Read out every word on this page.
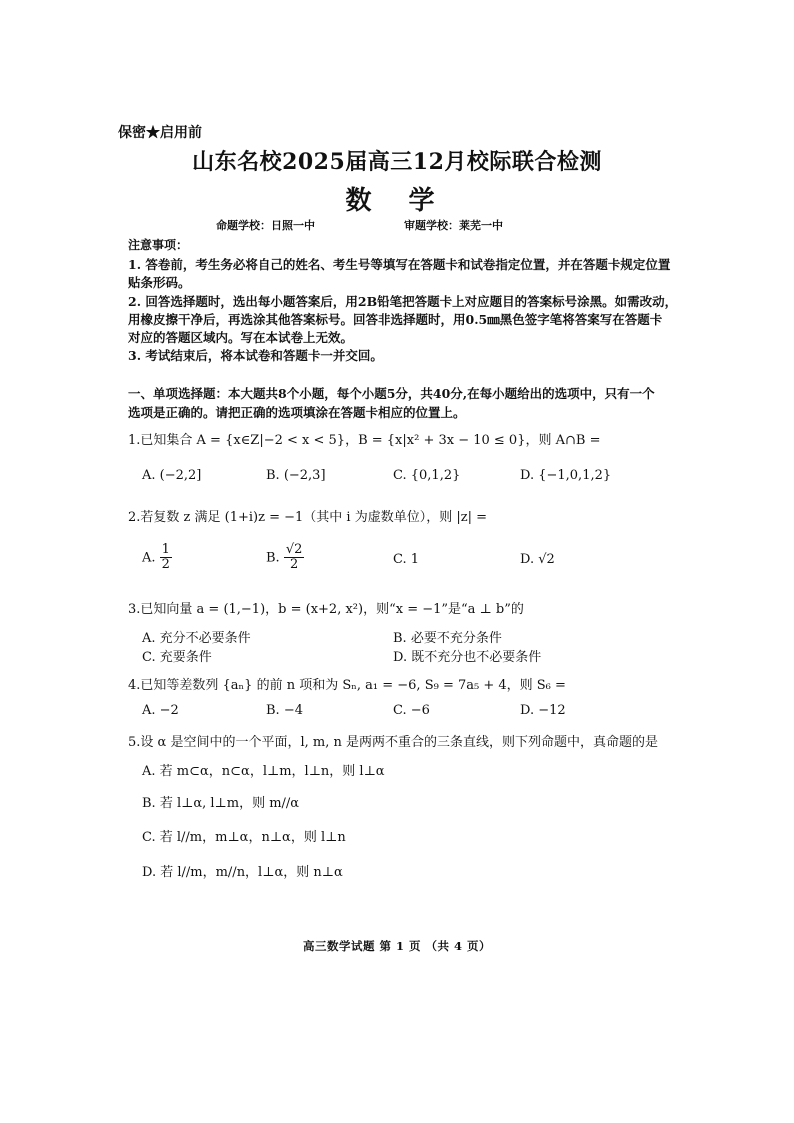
保密★启用前
山东名校2025届高三12月校际联合检测
数 学
命题学校：日照一中	审题学校：莱芜一中
注意事项：
1. 答卷前，考生务必将自己的姓名、考生号等填写在答题卡和试卷指定位置，并在答题卡规定位置
贴条形码。
2. 回答选择题时，选出每小题答案后，用2B铅笔把答题卡上对应题目的答案标号涂黑。如需改动，
用橡皮擦干净后，再选涂其他答案标号。回答非选择题时，用0.5㎜黑色签字笔将答案写在答题卡
对应的答题区域内。写在本试卷上无效。
3. 考试结束后，将本试卷和答题卡一并交回。
一、单项选择题：本大题共8个小题，每个小题5分，共40分,在每小题给出的选项中，只有一个
选项是正确的。请把正确的选项填涂在答题卡相应的位置上。
1.已知集合 A = {x∈Z|−2 < x < 5}，B = {x|x² + 3x − 10 ≤ 0}，则 A∩B =
A. (−2,2]	B. (−2,3]	C. {0,1,2}	D. {−1,0,1,2}
2.若复数 z 满足 (1+i)z = −1（其中 i 为虚数单位），则 |z| =
A. $\frac{1}{2}$	B. $\frac{√2}{2}$	C. 1	D. √2
3.已知向量 a = (1,−1)，b = (x+2, x²)，则“x = −1”是“a ⊥ b”的
A. 充分不必要条件	B. 必要不充分条件
C. 充要条件	D. 既不充分也不必要条件
4.已知等差数列 {aₙ} 的前 n 项和为 Sₙ, a₁ = −6, S₉ = 7a₅ + 4，则 S₆ =
A. −2	B. −4	C. −6	D. −12
5.设 α 是空间中的一个平面，l, m, n 是两两不重合的三条直线，则下列命题中，真命题的是
A. 若 m⊂α，n⊂α，l⊥m，l⊥n，则 l⊥α
B. 若 l⊥α, l⊥m，则 m//α
C. 若 l//m，m⊥α，n⊥α，则 l⊥n
D. 若 l//m，m//n，l⊥α，则 n⊥α
高三数学试题 第 1 页 （共 4 页）
